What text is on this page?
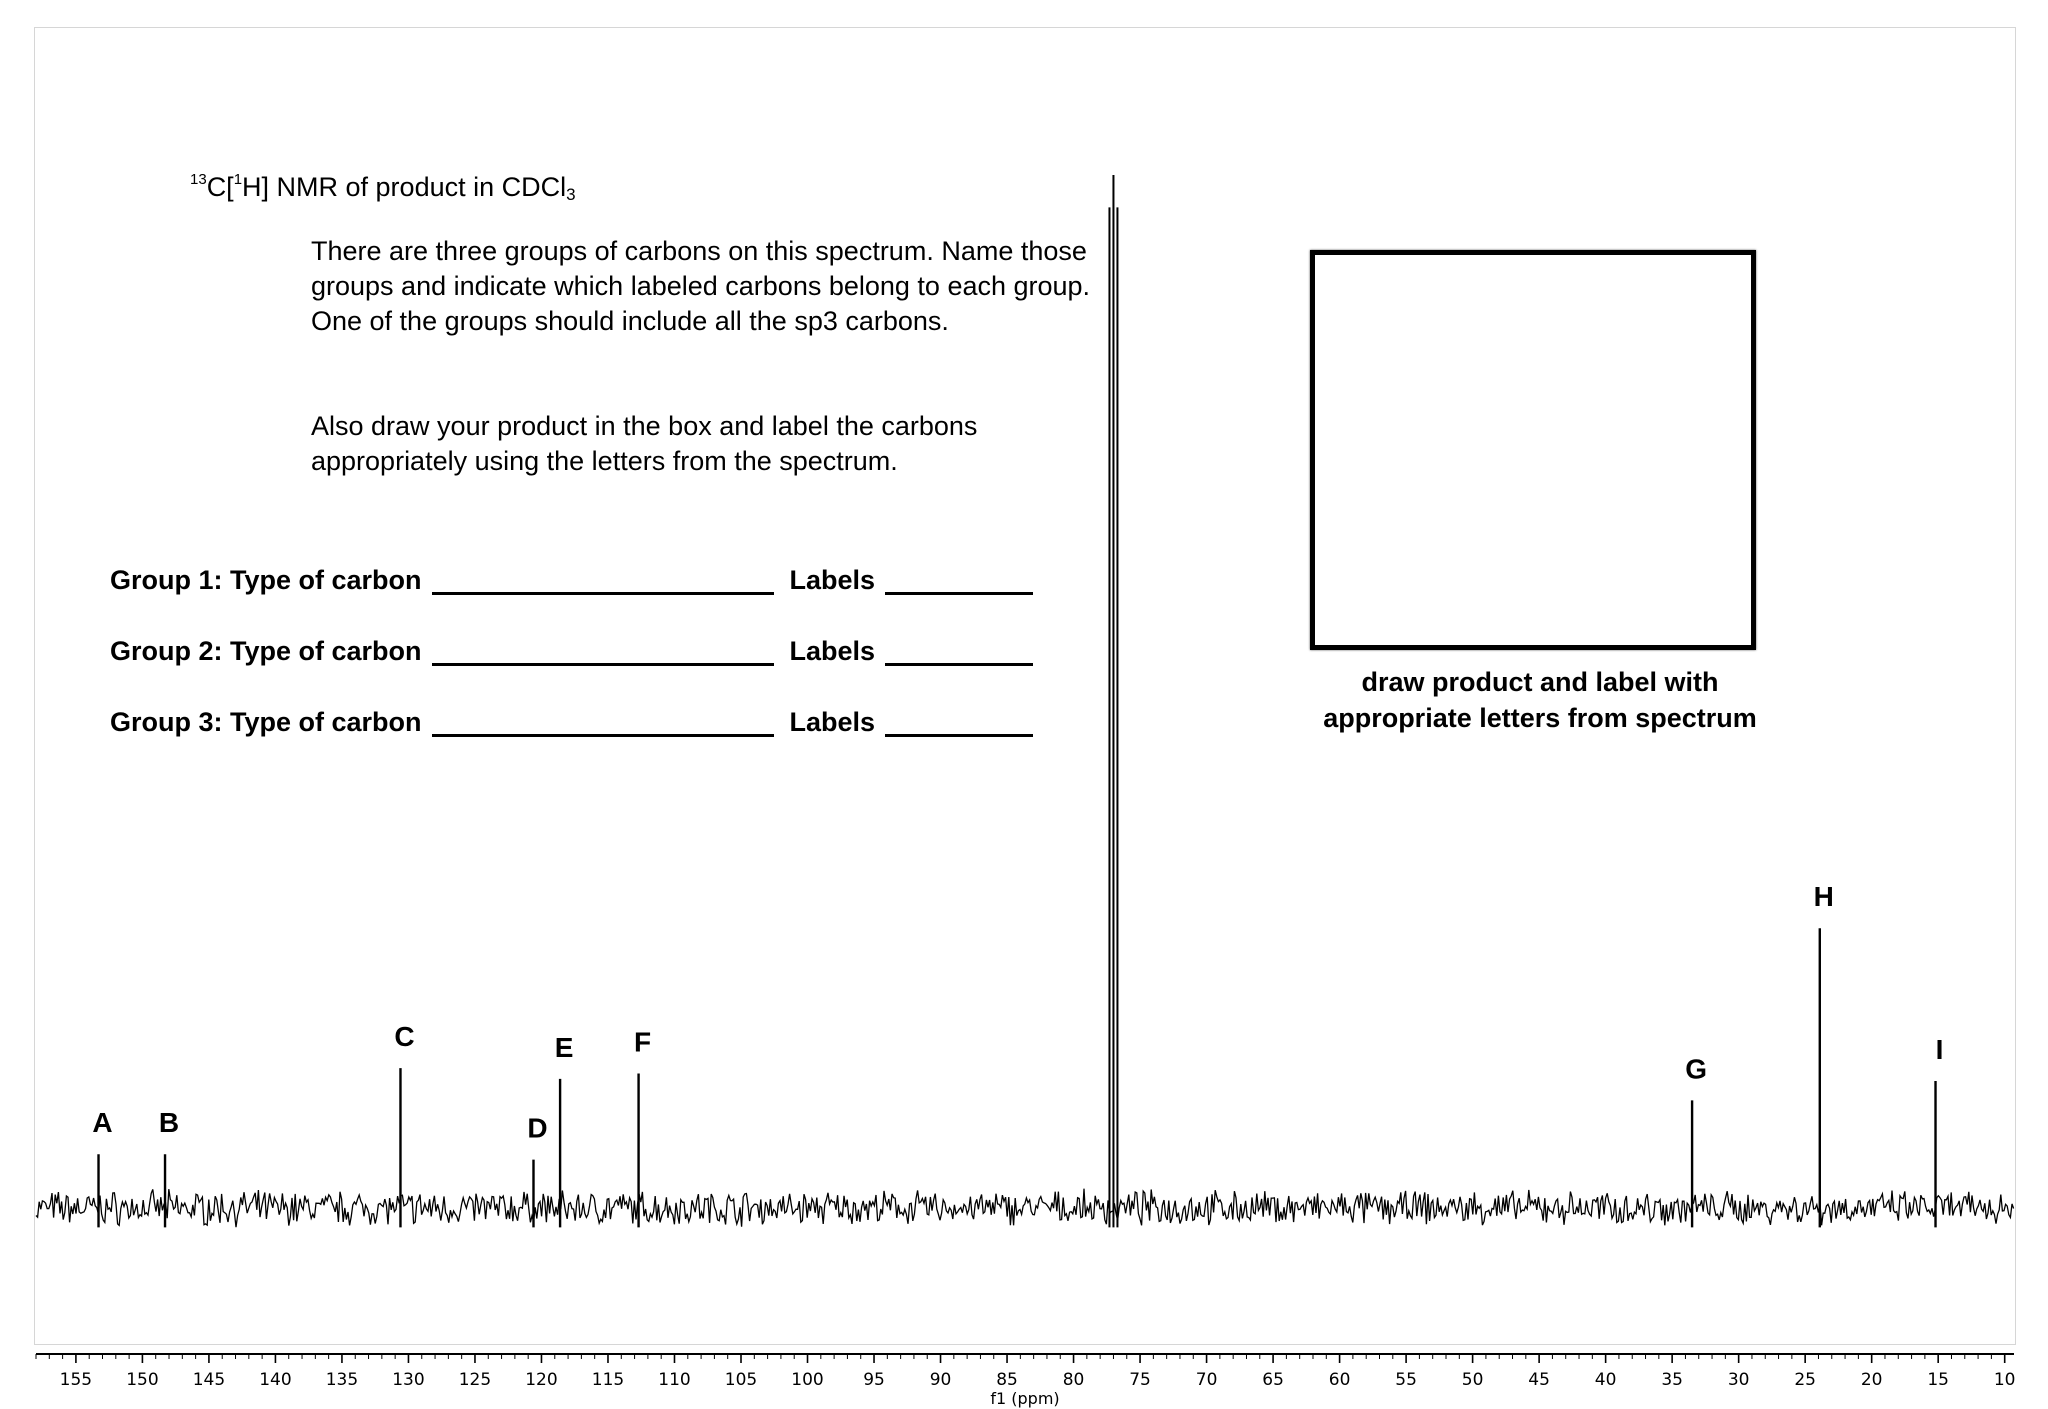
155 150 145 140 135 130 125 120 115 110 105 100 95	90	85	80	75	70	65	60	55	50	45	40	35	30	25	20	15	10
A B
C
D
E F
G
H
I
f1 (ppm)
$^{13}$C[$^1$H] NMR of product in CDCl$_3$
There are three groups of carbons on this spectrum. Name those groups and indicate which labeled carbons belong to each group. One of the groups should include all the sp3 carbons.
Also draw your product in the box and label the carbons appropriately using the letters from the spectrum.
Group 1: Type of carbon	Labels
Group 2: Type of carbon	Labels
Group 3: Type of carbon	Labels
draw product and label with
appropriate letters from spectrum
